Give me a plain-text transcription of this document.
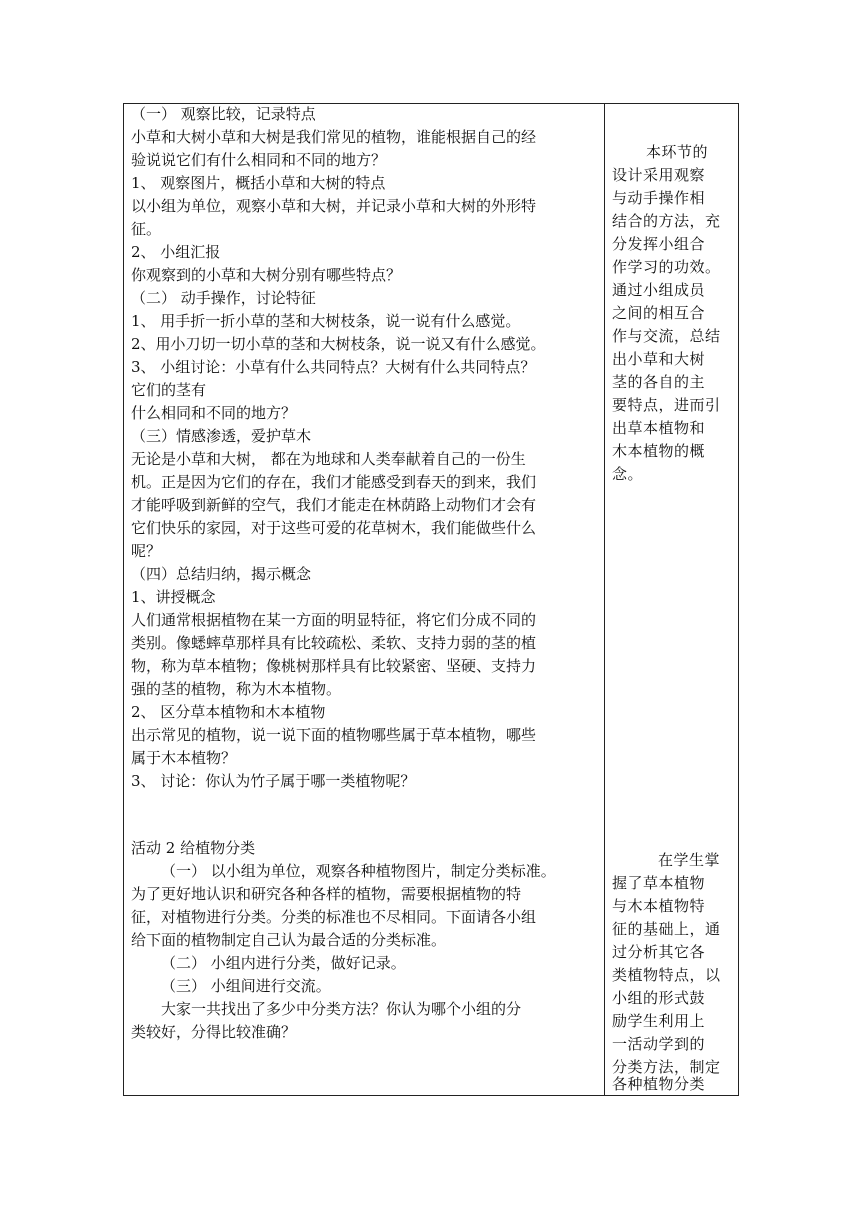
（一） 观察比较，记录特点
小草和大树小草和大树是我们常见的植物，谁能根据自己的经
验说说它们有什么相同和不同的地方？
1、 观察图片，概括小草和大树的特点
以小组为单位，观察小草和大树，并记录小草和大树的外形特
征。
2、 小组汇报
你观察到的小草和大树分别有哪些特点？
（二） 动手操作，讨论特征
1、 用手折一折小草的茎和大树枝条，说一说有什么感觉。
2、用小刀切一切小草的茎和大树枝条，说一说又有什么感觉。
3、 小组讨论：小草有什么共同特点？大树有什么共同特点？
它们的茎有
什么相同和不同的地方？
（三）情感渗透，爱护草木
无论是小草和大树， 都在为地球和人类奉献着自己的一份生
机。正是因为它们的存在，我们才能感受到春天的到来，我们
才能呼吸到新鲜的空气，我们才能走在林荫路上动物们才会有
它们快乐的家园，对于这些可爱的花草树木，我们能做些什么
呢？
（四）总结归纳，揭示概念
1、讲授概念
人们通常根据植物在某一方面的明显特征，将它们分成不同的
类别。像蟋蟀草那样具有比较疏松、柔软、支持力弱的茎的植
物，称为草本植物；像桃树那样具有比较紧密、坚硬、支持力
强的茎的植物，称为木本植物。
2、 区分草本植物和木本植物
出示常见的植物，说一说下面的植物哪些属于草本植物，哪些
属于木本植物？
3、 讨论：你认为竹子属于哪一类植物呢？
活动 2 给植物分类
（一） 以小组为单位，观察各种植物图片，制定分类标准。
为了更好地认识和研究各种各样的植物，需要根据植物的特
征，对植物进行分类。分类的标准也不尽相同。下面请各小组
给下面的植物制定自己认为最合适的分类标准。
（二） 小组内进行分类，做好记录。
（三） 小组间进行交流。
大家一共找出了多少中分类方法？你认为哪个小组的分
类较好，分得比较准确？
本环节的
设计采用观察
与动手操作相
结合的方法，充
分发挥小组合
作学习的功效。
通过小组成员
之间的相互合
作与交流，总结
出小草和大树
茎的各自的主
要特点，进而引
出草本植物和
木本植物的概
念。
在学生掌
握了草本植物
与木本植物特
征的基础上，通
过分析其它各
类植物特点，以
小组的形式鼓
励学生利用上
一活动学到的
分类方法，制定
各种植物分类
